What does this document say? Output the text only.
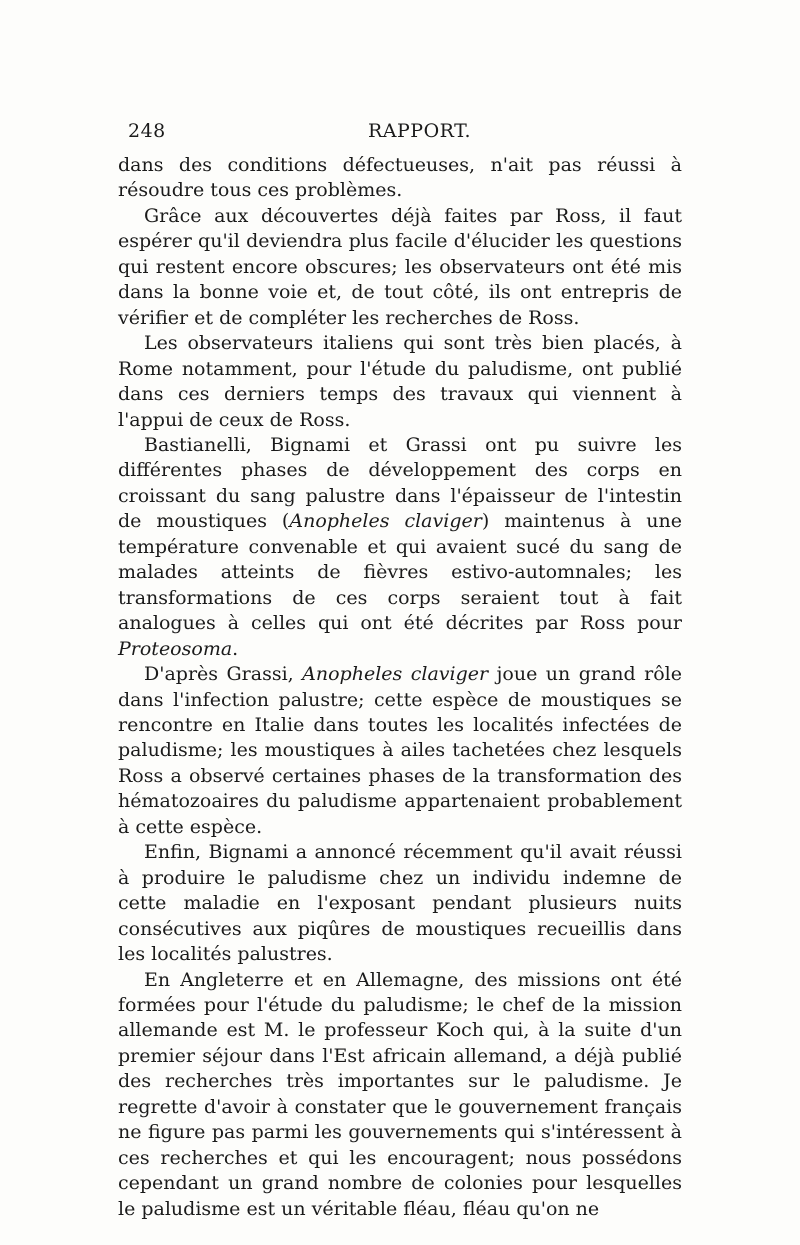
248	RAPPORT.

dans des conditions défectueuses, n'ait pas réussi à résoudre tous ces problèmes.

Grâce aux découvertes déjà faites par Ross, il faut espérer qu'il deviendra plus facile d'élucider les questions qui restent encore obscures; les observateurs ont été mis dans la bonne voie et, de tout côté, ils ont entrepris de vérifier et de compléter les recherches de Ross.

Les observateurs italiens qui sont très bien placés, à Rome notamment, pour l'étude du paludisme, ont publié dans ces derniers temps des travaux qui viennent à l'appui de ceux de Ross.

Bastianelli, Bignami et Grassi ont pu suivre les différentes phases de développement des corps en croissant du sang palustre dans l'épaisseur de l'intestin de moustiques (Anopheles claviger) maintenus à une température convenable et qui avaient sucé du sang de malades atteints de fièvres estivo-automnales; les transformations de ces corps seraient tout à fait analogues à celles qui ont été décrites par Ross pour Proteosoma.

D'après Grassi, Anopheles claviger joue un grand rôle dans l'infection palustre; cette espèce de moustiques se rencontre en Italie dans toutes les localités infectées de paludisme; les moustiques à ailes tachetées chez lesquels Ross a observé certaines phases de la transformation des hématozoaires du paludisme appartenaient probablement à cette espèce.

Enfin, Bignami a annoncé récemment qu'il avait réussi à produire le paludisme chez un individu indemne de cette maladie en l'exposant pendant plusieurs nuits consécutives aux piqûres de moustiques recueillis dans les localités palustres.

En Angleterre et en Allemagne, des missions ont été formées pour l'étude du paludisme; le chef de la mission allemande est M. le professeur Koch qui, à la suite d'un premier séjour dans l'Est africain allemand, a déjà publié des recherches très importantes sur le paludisme. Je regrette d'avoir à constater que le gouvernement français ne figure pas parmi les gouvernements qui s'intéressent à ces recherches et qui les encouragent; nous possédons cependant un grand nombre de colonies pour lesquelles le paludisme est un véritable fléau, fléau qu'on ne
